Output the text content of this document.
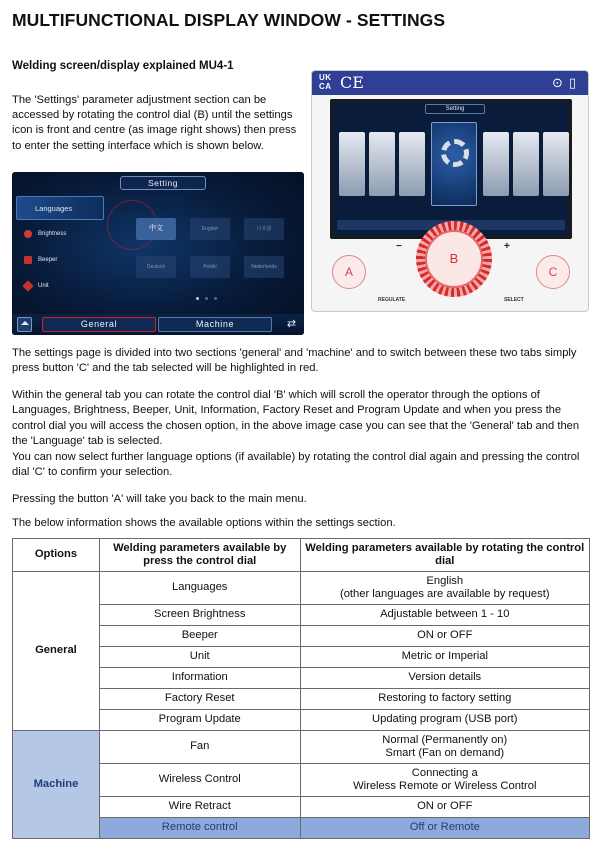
MULTIFUNCTIONAL DISPLAY WINDOW - SETTINGS
Welding screen/display explained MU4-1
The 'Settings' parameter adjustment section can be accessed by rotating the control dial (B) until the settings icon is front and centre (as image right shows) then press to enter the setting interface which is shown below.
Setting
Languages
Brightness
Beeper
Unit
中文	English	日本語
Deutsch	Polski	Nederlands
General	Machine	⇄
UK
CA CE	⊙▯
Setting
A
B
−	+
C
REGULATE	SELECT
The settings page is divided into two sections 'general' and 'machine' and to switch between these two tabs simply press button 'C' and the tab selected will be highlighted in red.
Within the general tab you can rotate the control dial 'B' which will scroll the operator through the options of Languages, Brightness, Beeper, Unit, Information, Factory Reset and Program Update and when you press the control dial you will access the chosen option, in the above image case you can see that the 'General' tab and then the 'Language' tab is selected.
You can now select further language options (if available) by rotating the control dial again and pressing the control dial 'C' to confirm your selection.
Pressing the button 'A' will take you back to the main menu.
The below information shows the available options within the settings section.
Options	Welding parameters available by press the control dial	Welding parameters available by rotating the control dial
General	Languages	English
(other languages are available by request)

	Screen Brightness	Adjustable between 1 - 10
	Beeper	ON or OFF
	Unit	Metric or Imperial
	Information	Version details
	Factory Reset	Restoring to factory setting
	Program Update	Updating program (USB port)
Machine	Fan	Normal (Permanently on)
Smart (Fan on demand)

	Wireless Control	Connecting a
Wireless Remote or Wireless Control

	Wire Retract	ON or OFF
	Remote control	Off or Remote
